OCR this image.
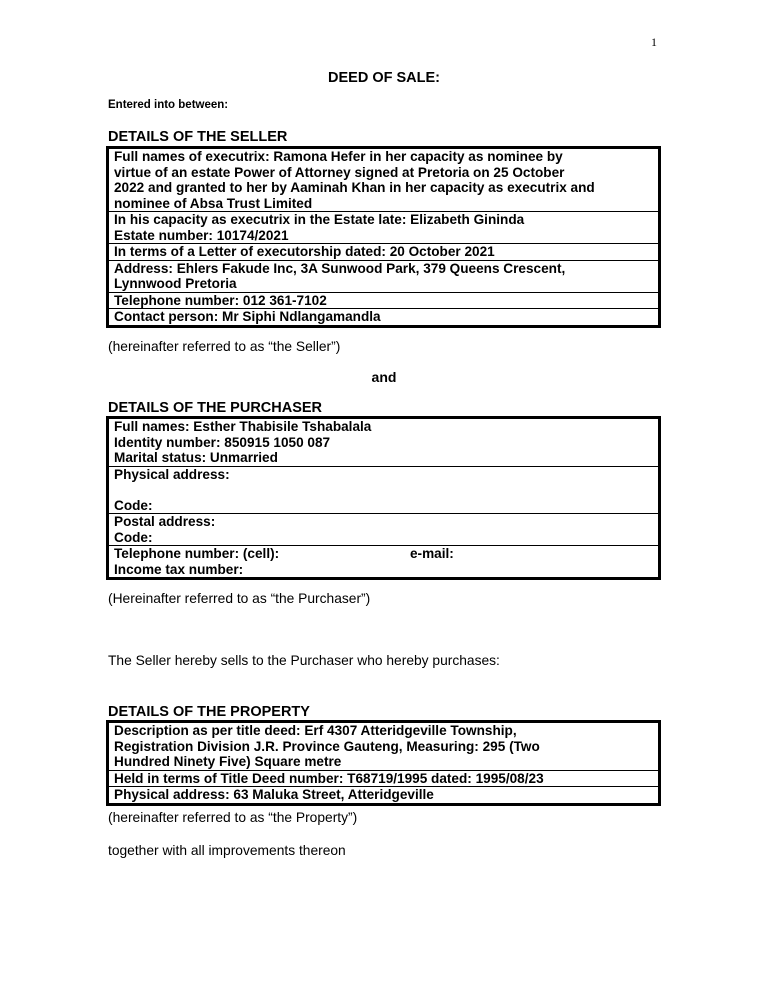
1
DEED OF SALE:
Entered into between:
DETAILS OF THE SELLER
Full names of executrix: Ramona Hefer in her capacity as nominee by
virtue of an estate Power of Attorney signed at Pretoria on 25 October
2022 and granted to her by Aaminah Khan in her capacity as executrix and
nominee of Absa Trust Limited
In his capacity as executrix in the Estate late: Elizabeth Gininda
Estate number: 10174/2021
In terms of a Letter of executorship dated: 20 October 2021
Address: Ehlers Fakude Inc, 3A Sunwood Park, 379 Queens Crescent,
Lynnwood Pretoria
Telephone number: 012 361-7102
Contact person: Mr Siphi Ndlangamandla
(hereinafter referred to as “the Seller”)
and
DETAILS OF THE PURCHASER
Full names: Esther Thabisile Tshabalala
Identity number: 850915 1050 087
Marital status: Unmarried
Physical address:
Code:
Postal address:
Code:
Telephone number: (cell):	e-mail:
Income tax number:
(Hereinafter referred to as “the Purchaser”)
The Seller hereby sells to the Purchaser who hereby purchases:
DETAILS OF THE PROPERTY
Description as per title deed: Erf 4307 Atteridgeville Township,
Registration Division J.R. Province Gauteng, Measuring: 295 (Two
Hundred Ninety Five) Square metre
Held in terms of Title Deed number: T68719/1995 dated: 1995/08/23
Physical address: 63 Maluka Street, Atteridgeville
(hereinafter referred to as “the Property”)
together with all improvements thereon
